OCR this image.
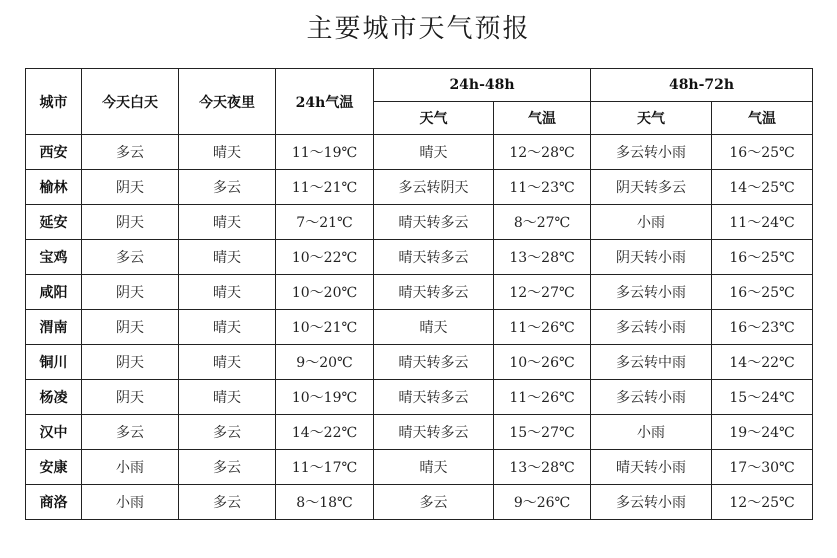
主要城市天气预报
城市	今天白天	今天夜里	24h气温	24h-48h		48h-72h	
				天气	气温	天气	气温
西安	多云	晴天	11～19℃	晴天	12～28℃	多云转小雨	16～25℃
榆林	阴天	多云	11～21℃	多云转阴天	11～23℃	阴天转多云	14～25℃
延安	阴天	晴天	7～21℃	晴天转多云	8～27℃	小雨	11～24℃
宝鸡	多云	晴天	10～22℃	晴天转多云	13～28℃	阴天转小雨	16～25℃
咸阳	阴天	晴天	10～20℃	晴天转多云	12～27℃	多云转小雨	16～25℃
渭南	阴天	晴天	10～21℃	晴天	11～26℃	多云转小雨	16～23℃
铜川	阴天	晴天	9～20℃	晴天转多云	10～26℃	多云转中雨	14～22℃
杨凌	阴天	晴天	10～19℃	晴天转多云	11～26℃	多云转小雨	15～24℃
汉中	多云	多云	14～22℃	晴天转多云	15～27℃	小雨	19～24℃
安康	小雨	多云	11～17℃	晴天	13～28℃	晴天转小雨	17～30℃
商洛	小雨	多云	8～18℃	多云	9～26℃	多云转小雨	12～25℃
